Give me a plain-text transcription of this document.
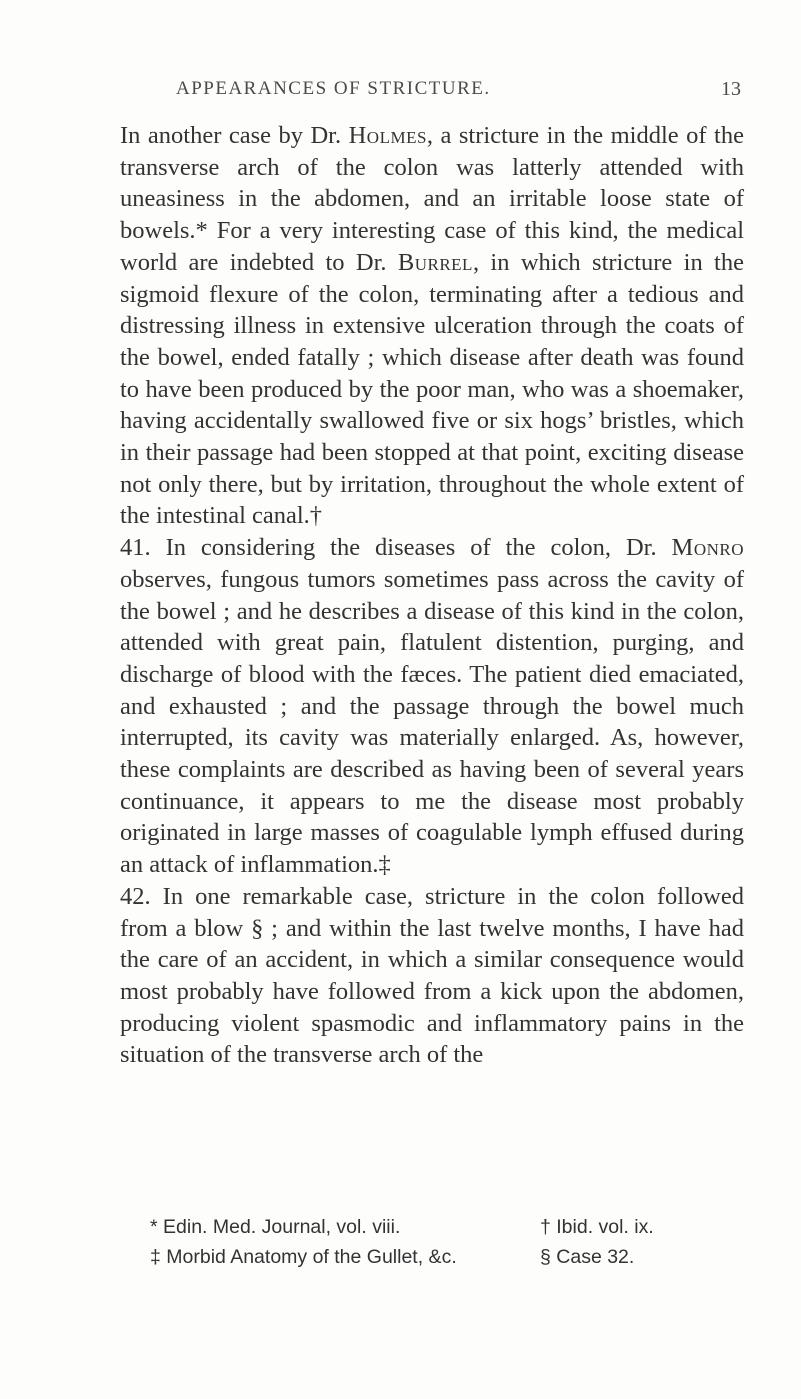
APPEARANCES OF STRICTURE.	13

In another case by Dr. Holmes, a stricture in the middle of the transverse arch of the colon was latterly attended with uneasiness in the abdomen, and an irritable loose state of bowels.* For a very interesting case of this kind, the medical world are indebted to Dr. Burrel, in which stricture in the sigmoid flexure of the colon, terminating after a tedious and distressing illness in extensive ulceration through the coats of the bowel, ended fatally ; which disease after death was found to have been produced by the poor man, who was a shoemaker, having accidentally swallowed five or six hogs’ bristles, which in their passage had been stopped at that point, exciting disease not only there, but by irritation, throughout the whole extent of the intestinal canal.†

41. In considering the diseases of the colon, Dr. Monro observes, fungous tumors sometimes pass across the cavity of the bowel ; and he describes a disease of this kind in the colon, attended with great pain, flatulent distention, purging, and discharge of blood with the fæces. The patient died emaciated, and exhausted ; and the passage through the bowel much interrupted, its cavity was materially enlarged. As, however, these complaints are described as having been of several years continuance, it appears to me the disease most probably originated in large masses of coagulable lymph effused during an attack of inflammation.‡

42. In one remarkable case, stricture in the colon followed from a blow § ; and within the last twelve months, I have had the care of an accident, in which a similar consequence would most probably have followed from a kick upon the abdomen, producing violent spasmodic and inflammatory pains in the situation of the transverse arch of the

* Edin. Med. Journal, vol. viii.	† Ibid. vol. ix.
‡ Morbid Anatomy of the Gullet, &c.	§ Case 32.
